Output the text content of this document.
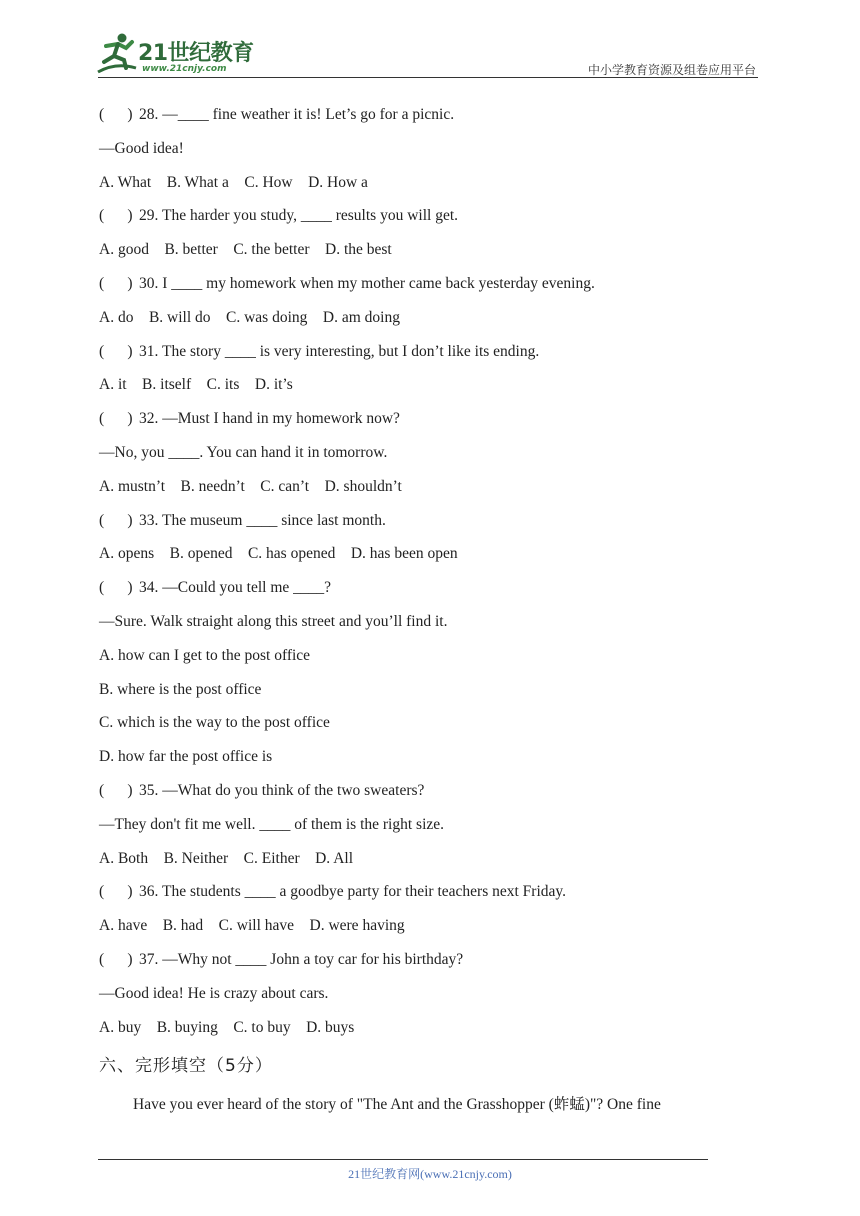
21世纪教育
www.21cnjy.com	中小学教育资源及组卷应用平台
(      ) 28. —____ fine weather it is! Let’s go for a picnic.
—Good idea!
A. What    B. What a    C. How    D. How a
(      ) 29. The harder you study, ____ results you will get.
A. good    B. better    C. the better    D. the best
(      ) 30. I ____ my homework when my mother came back yesterday evening.
A. do    B. will do    C. was doing    D. am doing
(      ) 31. The story ____ is very interesting, but I don’t like its ending.
A. it    B. itself    C. its    D. it’s
(      ) 32. —Must I hand in my homework now?
—No, you ____. You can hand it in tomorrow.
A. mustn’t    B. needn’t    C. can’t    D. shouldn’t
(      ) 33. The museum ____ since last month.
A. opens    B. opened    C. has opened    D. has been open
(      ) 34. —Could you tell me ____?
—Sure. Walk straight along this street and you’ll find it.
A. how can I get to the post office
B. where is the post office
C. which is the way to the post office
D. how far the post office is
(      ) 35. —What do you think of the two sweaters?
—They don't fit me well. ____ of them is the right size.
A. Both    B. Neither    C. Either    D. All
(      ) 36. The students ____ a goodbye party for their teachers next Friday.
A. have    B. had    C. will have    D. were having
(      ) 37. —Why not ____ John a toy car for his birthday?
—Good idea! He is crazy about cars.
A. buy    B. buying    C. to buy    D. buys
六、完形填空（5分）
Have you ever heard of the story of "The Ant and the Grasshopper (蚱蜢)"? One fine
21世纪教育网(www.21cnjy.com)
